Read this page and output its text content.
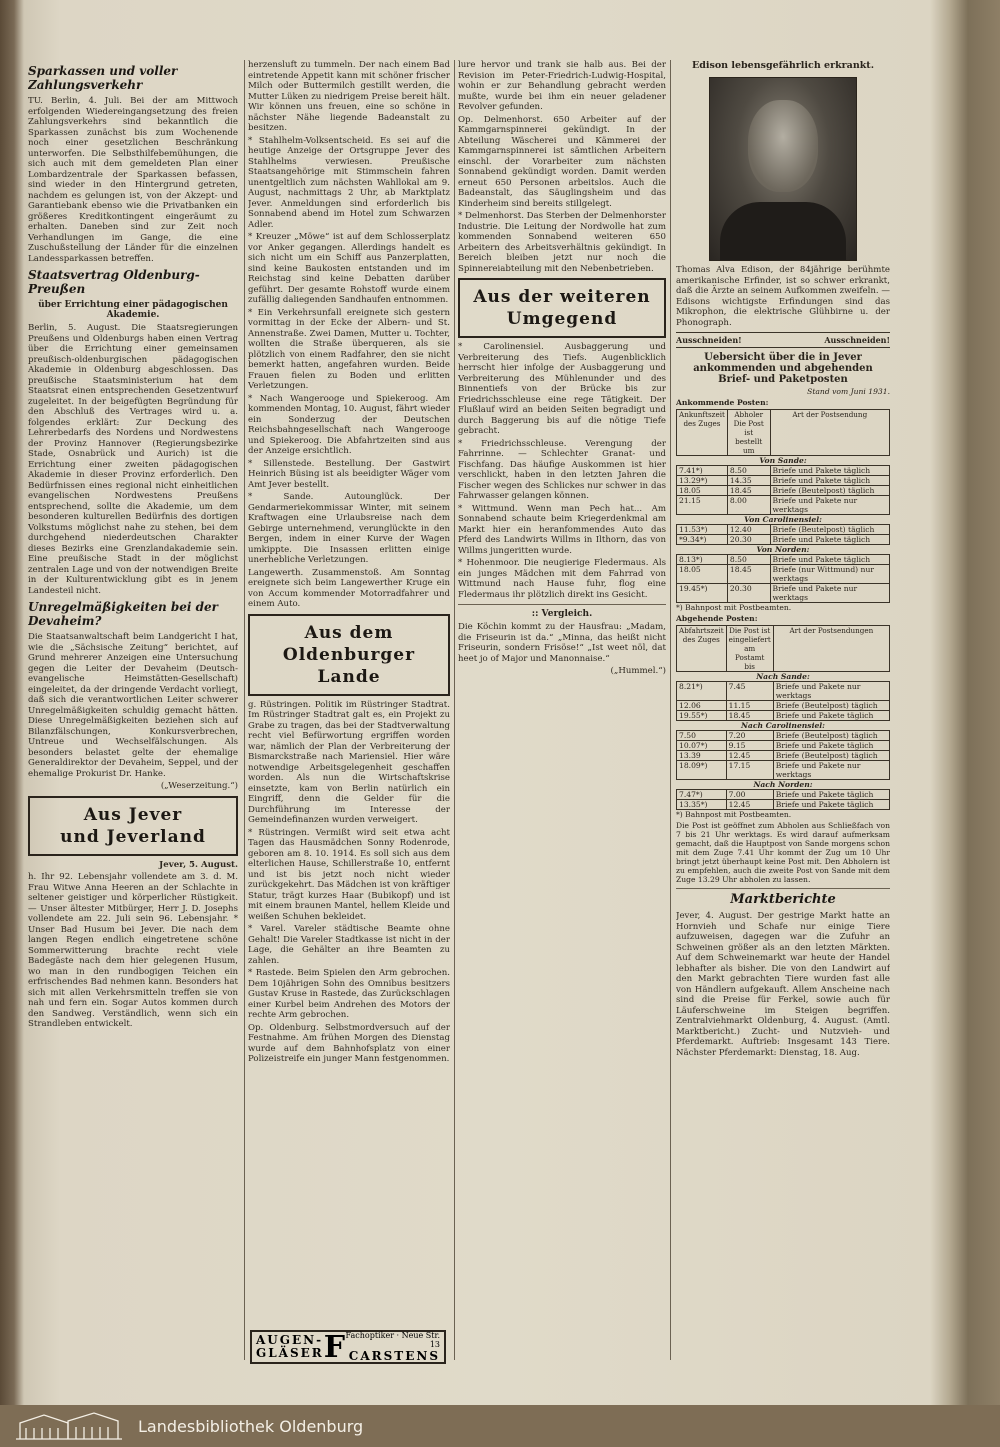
Sparkassen und voller Zahlungsverkehr

TU. Berlin, 4. Juli. Bei der am Mittwoch erfolgenden Wiedereingangsetzung des freien Zahlungsverkehrs sind bekanntlich die Sparkassen zunächst bis zum Wochenende noch einer gesetzlichen Beschränkung unterworfen. Die Selbsthilfebemühungen, die sich auch mit dem gemeldeten Plan einer Lombardzentrale der Sparkassen befassen, sind wieder in den Hintergrund getreten, nachdem es gelungen ist, von der Akzept- und Garantiebank ebenso wie die Privatbanken ein größeres Kreditkontingent eingeräumt zu erhalten. Daneben sind zur Zeit noch Verhandlungen im Gange, die eine Zuschußstellung der Länder für die einzelnen Landessparkassen betreffen.

Staatsvertrag Oldenburg-Preußen
über Errichtung einer pädagogischen Akademie.

Berlin, 5. August. Die Staatsregierungen Preußens und Oldenburgs haben einen Vertrag über die Errichtung einer gemeinsamen preußisch-oldenburgischen pädagogischen Akademie in Oldenburg abgeschlossen. Das preußische Staatsministerium hat dem Staatsrat einen entsprechenden Gesetzentwurf zugeleitet. In der beigefügten Begründung für den Abschluß des Vertrages wird u. a. folgendes erklärt: Zur Deckung des Lehrerbedarfs des Nordens und Nordwestens der Provinz Hannover (Regierungsbezirke Stade, Osnabrück und Aurich) ist die Errichtung einer zweiten pädagogischen Akademie in dieser Provinz erforderlich. Den Bedürfnissen eines regional nicht einheitlichen evangelischen Nordwestens Preußens entsprechend, sollte die Akademie, um dem besonderen kulturellen Bedürfnis des dortigen Volkstums möglichst nahe zu stehen, bei dem durchgehend niederdeutschen Charakter dieses Bezirks eine Grenzlandakademie sein. Eine preußische Stadt in der möglichst zentralen Lage und von der notwendigen Breite in der Kulturentwicklung gibt es in jenem Landesteil nicht.

Unregelmäßigkeiten bei der Devaheim?

Die Staatsanwaltschaft beim Landgericht I hat, wie die „Sächsische Zeitung“ berichtet, auf Grund mehrerer Anzeigen eine Untersuchung gegen die Leiter der Devaheim (Deutsch-evangelische Heimstätten-Gesellschaft) eingeleitet, da der dringende Verdacht vorliegt, daß sich die verantwortlichen Leiter schwerer Unregelmäßigkeiten schuldig gemacht hätten. Diese Unregelmäßigkeiten beziehen sich auf Bilanzfälschungen, Konkursverbrechen, Untreue und Wechselfälschungen. Als besonders belastet gelte der ehemalige Generaldirektor der Devaheim, Seppel, und der ehemalige Prokurist Dr. Hanke.

(„Weserzeitung.“)

Aus Jever
und Jeverland

Jever, 5. August.

h. Ihr 92. Lebensjahr vollendete am 3. d. M. Frau Witwe Anna Heeren an der Schlachte in seltener geistiger und körperlicher Rüstigkeit. — Unser ältester Mitbürger, Herr J. D. Josephs vollendete am 22. Juli sein 96. Lebensjahr. * Unser Bad Husum bei Jever. Die nach dem langen Regen endlich eingetretene schöne Sommerwitterung brachte recht viele Badegäste nach dem hier gelegenen Husum, wo man in den rundbogigen Teichen ein erfrischendes Bad nehmen kann. Besonders hat sich mit allen Verkehrsmitteln treffen sie von nah und fern ein. Sogar Autos kommen durch den Sandweg. Verständlich, wenn sich ein Strandleben entwickelt.

herzensluft zu tummeln. Der nach einem Bad eintretende Appetit kann mit schöner frischer Milch oder Buttermilch gestillt werden, die Mutter Lüken zu niedrigem Preise bereit hält. Wir können uns freuen, eine so schöne in nächster Nähe liegende Badeanstalt zu besitzen.

* Stahlhelm-Volksentscheid. Es sei auf die heutige Anzeige der Ortsgruppe Jever des Stahlhelms verwiesen. Preußische Staatsangehörige mit Stimmschein fahren unentgeltlich zum nächsten Wahllokal am 9. August, nachmittags 2 Uhr, ab Marktplatz Jever. Anmeldungen sind erforderlich bis Sonnabend abend im Hotel zum Schwarzen Adler.

* Kreuzer „Möwe“ ist auf dem Schlosserplatz vor Anker gegangen. Allerdings handelt es sich nicht um ein Schiff aus Panzerplatten, sind keine Baukosten entstanden und im Reichstag sind keine Debatten darüber geführt. Der gesamte Rohstoff wurde einem zufällig daliegenden Sandhaufen entnommen.

* Ein Verkehrsunfall ereignete sich gestern vormittag in der Ecke der Albern- und St. Annenstraße. Zwei Damen, Mutter u. Tochter, wollten die Straße überqueren, als sie plötzlich von einem Radfahrer, den sie nicht bemerkt hatten, angefahren wurden. Beide Frauen fielen zu Boden und erlitten Verletzungen.

* Nach Wangerooge und Spiekeroog. Am kommenden Montag, 10. August, fährt wieder ein Sonderzug der Deutschen Reichsbahngesellschaft nach Wangerooge und Spiekeroog. Die Abfahrtzeiten sind aus der Anzeige ersichtlich.

* Sillenstede. Bestellung. Der Gastwirt Heinrich Büsing ist als beeidigter Wäger vom Amt Jever bestellt.

* Sande. Autounglück. Der Gendarmeriekommissar Winter, mit seinem Kraftwagen eine Urlaubsreise nach dem Gebirge unternehmend, verunglückte in den Bergen, indem in einer Kurve der Wagen umkippte. Die Insassen erlitten einige unerhebliche Verletzungen.

Langewerth. Zusammenstoß. Am Sonntag ereignete sich beim Langewerther Kruge ein von Accum kommender Motorradfahrer und einem Auto.

Aus dem Oldenburger
Lande

g. Rüstringen. Politik im Rüstringer Stadtrat. Im Rüstringer Stadtrat galt es, ein Projekt zu Grabe zu tragen, das bei der Stadtverwaltung recht viel Befürwortung ergriffen worden war, nämlich der Plan der Verbreiterung der Bismarckstraße nach Mariensiel. Hier wäre notwendige Arbeitsgelegenheit geschaffen worden. Als nun die Wirtschaftskrise einsetzte, kam von Berlin natürlich ein Eingriff, denn die Gelder für die Durchführung im Interesse der Gemeindefinanzen wurden verweigert.

* Rüstringen. Vermißt wird seit etwa acht Tagen das Hausmädchen Sonny Rodenrode, geboren am 8. 10. 1914. Es soll sich aus dem elterlichen Hause, Schillerstraße 10, entfernt und ist bis jetzt noch nicht wieder zurückgekehrt. Das Mädchen ist von kräftiger Statur, trägt kurzes Haar (Bubikopf) und ist mit einem braunen Mantel, hellem Kleide und weißen Schuhen bekleidet.

* Varel. Vareler städtische Beamte ohne Gehalt! Die Vareler Stadtkasse ist nicht in der Lage, die Gehälter an ihre Beamten zu zahlen.

* Rastede. Beim Spielen den Arm gebrochen. Dem 10jährigen Sohn des Omnibus besitzers Gustav Kruse in Rastede, das Zurückschlagen einer Kurbel beim Andrehen des Motors der rechte Arm gebrochen.

Op. Oldenburg. Selbstmordversuch auf der Festnahme. Am frühen Morgen des Dienstag wurde auf dem Bahnhofsplatz von einer Polizeistreife ein junger Mann festgenommen.

AUGEN-
GLÄSER F Fachoptiker · Neue Str. 13
CARSTENS

lure hervor und trank sie halb aus. Bei der Revision im Peter-Friedrich-Ludwig-Hospital, wohin er zur Behandlung gebracht werden mußte, wurde bei ihm ein neuer geladener Revolver gefunden.

Op. Delmenhorst. 650 Arbeiter auf der Kammgarnspinnerei gekündigt. In der Abteilung Wäscherei und Kämmerei der Kammgarnspinnerei ist sämtlichen Arbeitern einschl. der Vorarbeiter zum nächsten Sonnabend gekündigt worden. Damit werden erneut 650 Personen arbeitslos. Auch die Badeanstalt, das Säuglingsheim und das Kinderheim sind bereits stillgelegt.

* Delmenhorst. Das Sterben der Delmenhorster Industrie. Die Leitung der Nordwolle hat zum kommenden Sonnabend weiteren 650 Arbeitern des Arbeitsverhältnis gekündigt. In Bereich bleiben jetzt nur noch die Spinnereiabteilung mit den Nebenbetrieben.

Aus der weiteren
Umgegend

* Carolinensiel. Ausbaggerung und Verbreiterung des Tiefs. Augenblicklich herrscht hier infolge der Ausbaggerung und Verbreiterung des Mühlenunder und des Binnentiefs von der Brücke bis zur Friedrichsschleuse eine rege Tätigkeit. Der Flußlauf wird an beiden Seiten begradigt und durch Baggerung bis auf die nötige Tiefe gebracht.

* Friedrichsschleuse. Verengung der Fahrrinne. — Schlechter Granat- und Fischfang. Das häufige Auskommen ist hier verschlickt, haben in den letzten Jahren die Fischer wegen des Schlickes nur schwer in das Fahrwasser gelangen können.

* Wittmund. Wenn man Pech hat... Am Sonnabend schaute beim Kriegerdenkmal am Markt hier ein heranfommendes Auto das Pferd des Landwirts Willms in Ilthorn, das von Willms jungeritten wurde.

* Hohenmoor. Die neugierige Fledermaus. Als ein junges Mädchen mit dem Fahrrad von Wittmund nach Hause fuhr, flog eine Fledermaus ihr plötzlich direkt ins Gesicht.

:: Vergleich.

Die Köchin kommt zu der Hausfrau: „Madam, die Friseurin ist da.“ „Minna, das heißt nicht Friseurin, sondern Frisöse!“ „Ist weet nöl, dat heet jo of Major und Manonnaise.“

(„Hummel.“)

Edison lebensgefährlich erkrankt.

Thomas Alva Edison, der 84jährige berühmte amerikanische Erfinder, ist so schwer erkrankt, daß die Ärzte an seinem Aufkommen zweifeln. — Edisons wichtigste Erfindungen sind das Mikrophon, die elektrische Glühbirne u. der Phonograph.

Ausschneiden!	Ausschneiden!
Uebersicht über die in Jever ankommenden und abgehenden Brief- und Paketposten
Stand vom Juni 1931.
Ankommende Posten:
Ankunftszeit des Zuges	Abholer Die Post ist bestellt um	Art der Postsendung
Von Sande:		
7.41*)	8.50	Briefe und Pakete täglich
13.29*)	14.35	Briefe und Pakete täglich
18.05	18.45	Briefe (Beutelpost) täglich
21.15	8.00	Briefe und Pakete nur werktags
Von Carolinensiel:		
11.53*)	12.40	Briefe (Beutelpost) täglich
*9.34*)	20.30	Briefe und Pakete täglich
Von Norden:		
8.13*)	8.50	Briefe und Pakete täglich
18.05	18.45	Briefe (nur Wittmund) nur werktags
19.45*)	20.30	Briefe und Pakete nur werktags
*) Bahnpost mit Postbeamten.
Abgehende Posten:
Abfahrtszeit des Zuges	Die Post ist eingeliefert am Postamt bis	Art der Postsendungen
Nach Sande:		
8.21*)	7.45	Briefe und Pakete nur werktags
12.06	11.15	Briefe (Beutelpost) täglich
19.55*)	18.45	Briefe und Pakete täglich
Nach Carolinensiel:		
7.50	7.20	Briefe (Beutelpost) täglich
10.07*)	9.15	Briefe und Pakete täglich
13.39	12.45	Briefe (Beutelpost) täglich
18.09*)	17.15	Briefe und Pakete nur werktags
Nach Norden:		
7.47*)	7.00	Briefe und Pakete täglich
13.35*)	12.45	Briefe und Pakete täglich
*) Bahnpost mit Postbeamten.

Die Post ist geöffnet zum Abholen aus Schließfach von 7 bis 21 Uhr werktags. Es wird darauf aufmerksam gemacht, daß die Hauptpost von Sande morgens schon mit dem Zuge 7.41 Uhr kommt der Zug um 10 Uhr bringt jetzt überhaupt keine Post mit. Den Abholern ist zu empfehlen, auch die zweite Post von Sande mit dem Zuge 13.29 Uhr abholen zu lassen.

Marktberichte

Jever, 4. August. Der gestrige Markt hatte an Hornvieh und Schafe nur einige Tiere aufzuweisen, dagegen war die Zufuhr an Schweinen größer als an den letzten Märkten. Auf dem Schweinemarkt war heute der Handel lebhafter als bisher. Die von den Landwirt auf den Markt gebrachten Tiere wurden fast alle von Händlern aufgekauft. Allem Anscheine nach sind die Preise für Ferkel, sowie auch für Läuferschweine im Steigen begriffen. Zentralviehmarkt Oldenburg, 4. August. (Amtl. Marktbericht.) Zucht- und Nutzvieh- und Pferdemarkt. Auftrieb: Insgesamt 143 Tiere. Nächster Pferdemarkt: Dienstag, 18. Aug.

Landesbibliothek Oldenburg
